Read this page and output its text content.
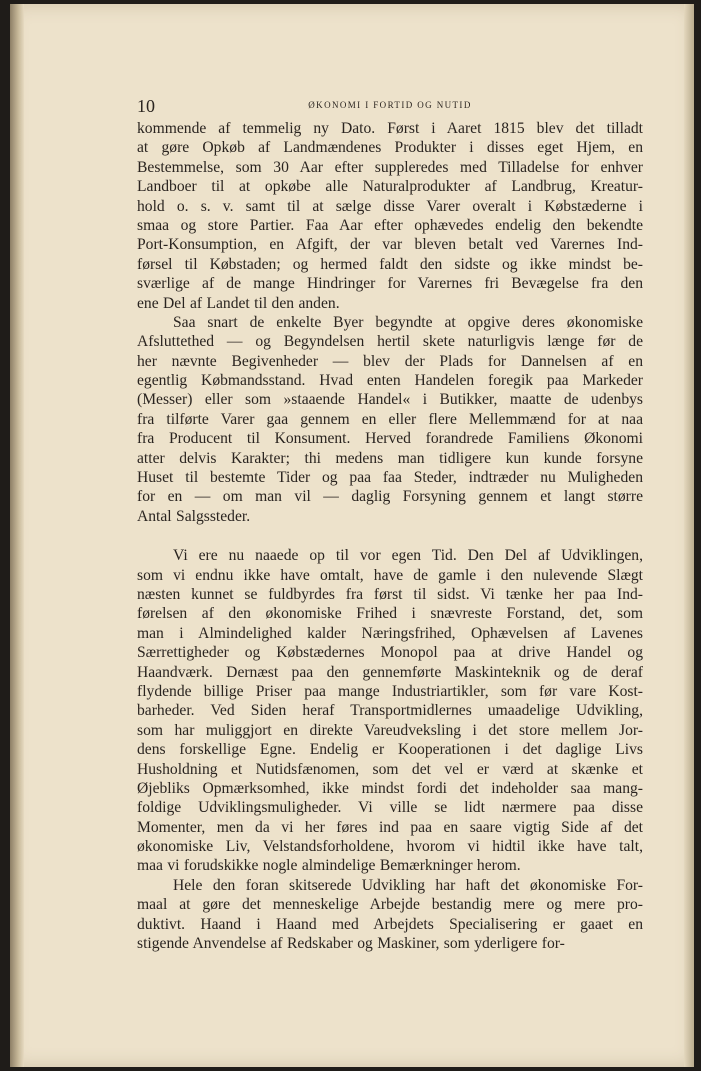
10	ØKONOMI I FORTID OG NUTID
kommende af temmelig ny Dato. Først i Aaret 1815 blev det tilladt
at gøre Opkøb af Landmændenes Produkter i disses eget Hjem, en
Bestemmelse, som 30 Aar efter suppleredes med Tilladelse for enhver
Landboer til at opkøbe alle Naturalprodukter af Landbrug, Kreatur-
hold o. s. v. samt til at sælge disse Varer overalt i Købstæderne i
smaa og store Partier. Faa Aar efter ophævedes endelig den bekendte
Port-Konsumption, en Afgift, der var bleven betalt ved Varernes Ind-
førsel til Købstaden; og hermed faldt den sidste og ikke mindst be-
sværlige af de mange Hindringer for Varernes fri Bevægelse fra den
ene Del af Landet til den anden.
Saa snart de enkelte Byer begyndte at opgive deres økonomiske
Afsluttethed — og Begyndelsen hertil skete naturligvis længe før de
her nævnte Begivenheder — blev der Plads for Dannelsen af en
egentlig Købmandsstand. Hvad enten Handelen foregik paa Markeder
(Messer) eller som »staaende Handel« i Butikker, maatte de udenbys
fra tilførte Varer gaa gennem en eller flere Mellemmænd for at naa
fra Producent til Konsument. Herved forandrede Familiens Økonomi
atter delvis Karakter; thi medens man tidligere kun kunde forsyne
Huset til bestemte Tider og paa faa Steder, indtræder nu Muligheden
for en — om man vil — daglig Forsyning gennem et langt større
Antal Salgssteder.
Vi ere nu naaede op til vor egen Tid. Den Del af Udviklingen,
som vi endnu ikke have omtalt, have de gamle i den nulevende Slægt
næsten kunnet se fuldbyrdes fra først til sidst. Vi tænke her paa Ind-
førelsen af den økonomiske Frihed i snævreste Forstand, det, som
man i Almindelighed kalder Næringsfrihed, Ophævelsen af Lavenes
Særrettigheder og Købstædernes Monopol paa at drive Handel og
Haandværk. Dernæst paa den gennemførte Maskinteknik og de deraf
flydende billige Priser paa mange Industriartikler, som før vare Kost-
barheder. Ved Siden heraf Transportmidlernes umaadelige Udvikling,
som har muliggjort en direkte Vareudveksling i det store mellem Jor-
dens forskellige Egne. Endelig er Kooperationen i det daglige Livs
Husholdning et Nutidsfænomen, som det vel er værd at skænke et
Øjebliks Opmærksomhed, ikke mindst fordi det indeholder saa mang-
foldige Udviklingsmuligheder. Vi ville se lidt nærmere paa disse
Momenter, men da vi her føres ind paa en saare vigtig Side af det
økonomiske Liv, Velstandsforholdene, hvorom vi hidtil ikke have talt,
maa vi forudskikke nogle almindelige Bemærkninger herom.
Hele den foran skitserede Udvikling har haft det økonomiske For-
maal at gøre det menneskelige Arbejde bestandig mere og mere pro-
duktivt. Haand i Haand med Arbejdets Specialisering er gaaet en
stigende Anvendelse af Redskaber og Maskiner, som yderligere for-
